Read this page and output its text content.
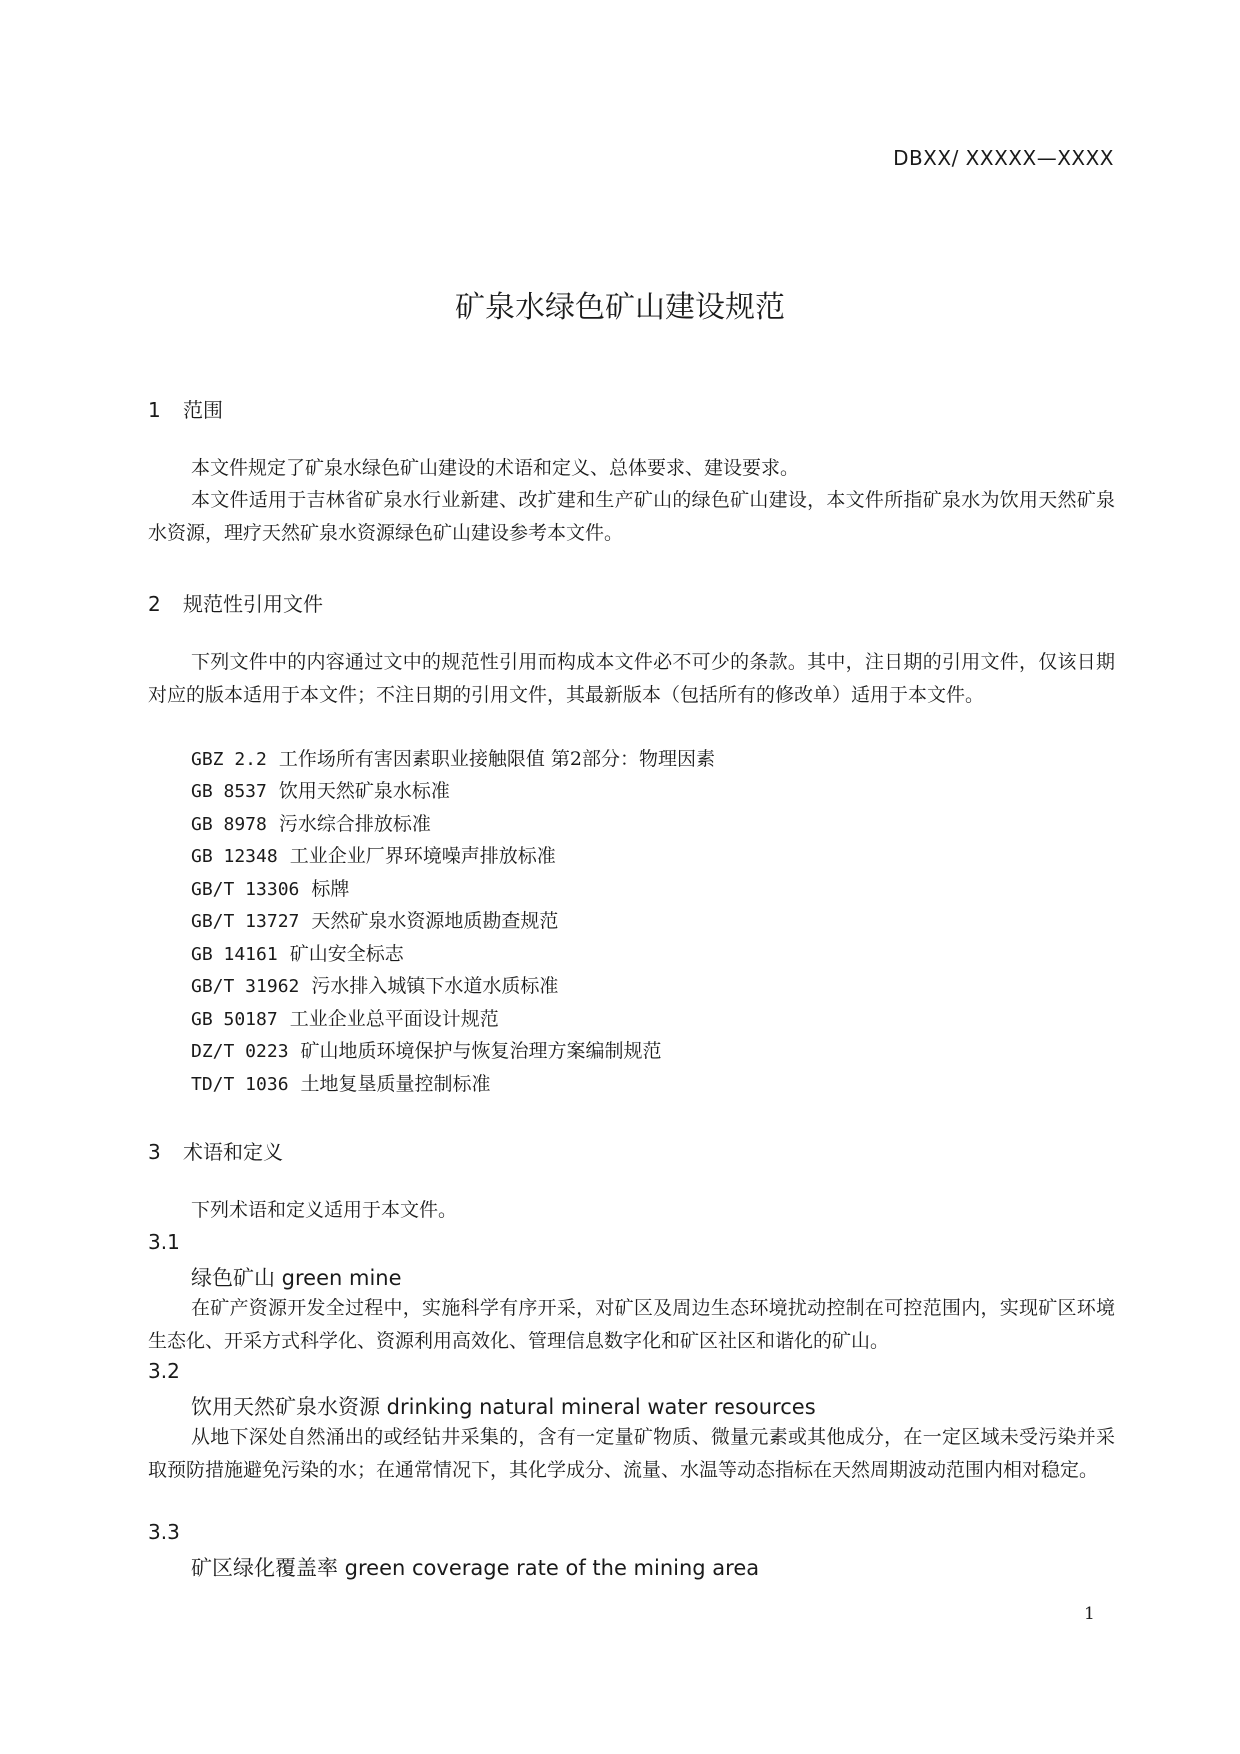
DBXX/ XXXXX—XXXX
矿泉水绿色矿山建设规范
1 范围
本文件规定了矿泉水绿色矿山建设的术语和定义、总体要求、建设要求。
本文件适用于吉林省矿泉水行业新建、改扩建和生产矿山的绿色矿山建设，本文件所指矿泉水为饮用天然矿泉水资源，理疗天然矿泉水资源绿色矿山建设参考本文件。
2 规范性引用文件
下列文件中的内容通过文中的规范性引用而构成本文件必不可少的条款。其中，注日期的引用文件，仅该日期对应的版本适用于本文件；不注日期的引用文件，其最新版本（包括所有的修改单）适用于本文件。
GBZ 2.2 工作场所有害因素职业接触限值 第2部分：物理因素
GB 8537 饮用天然矿泉水标准
GB 8978 污水综合排放标准
GB 12348 工业企业厂界环境噪声排放标准
GB/T 13306 标牌
GB/T 13727 天然矿泉水资源地质勘查规范
GB 14161 矿山安全标志
GB/T 31962 污水排入城镇下水道水质标准
GB 50187 工业企业总平面设计规范
DZ/T 0223 矿山地质环境保护与恢复治理方案编制规范
TD/T 1036 土地复垦质量控制标准
3 术语和定义
下列术语和定义适用于本文件。
3.1
绿色矿山 green mine
在矿产资源开发全过程中，实施科学有序开采，对矿区及周边生态环境扰动控制在可控范围内，实现矿区环境生态化、开采方式科学化、资源利用高效化、管理信息数字化和矿区社区和谐化的矿山。
3.2
饮用天然矿泉水资源 drinking natural mineral water resources
从地下深处自然涌出的或经钻井采集的，含有一定量矿物质、微量元素或其他成分，在一定区域未受污染并采取预防措施避免污染的水；在通常情况下，其化学成分、流量、水温等动态指标在天然周期波动范围内相对稳定。
3.3
矿区绿化覆盖率 green coverage rate of the mining area
1
